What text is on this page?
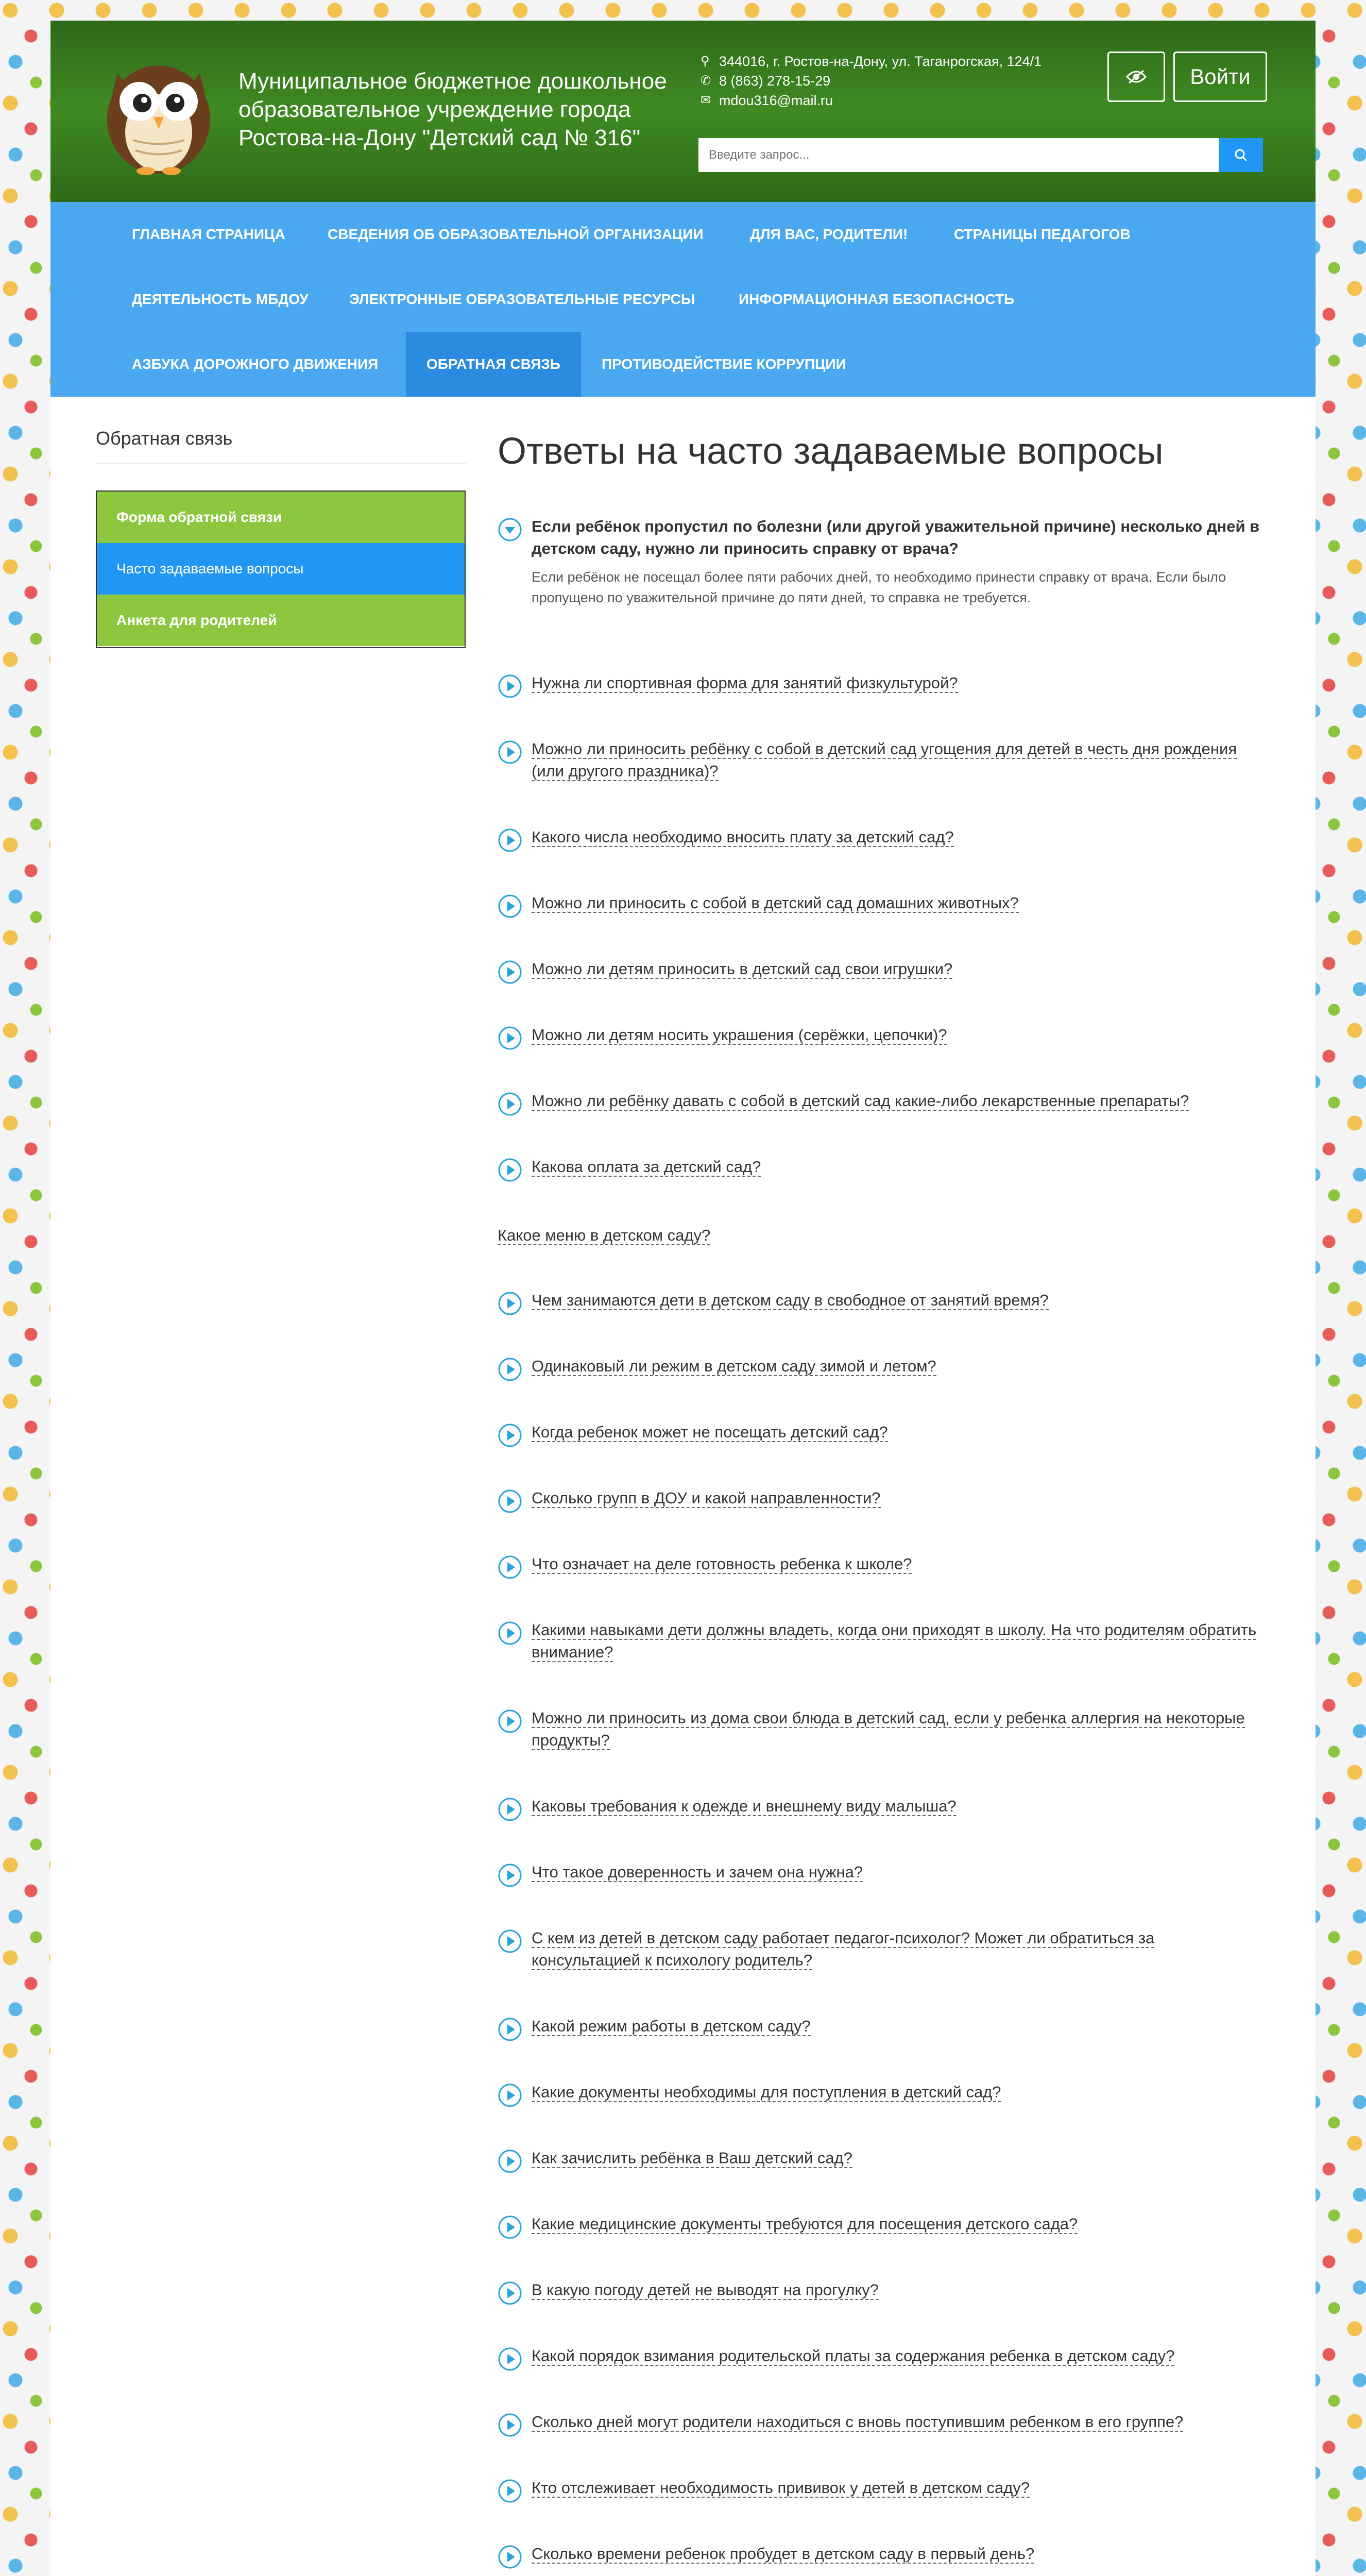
Муниципальное бюджетное дошкольное образовательное учреждение города Ростова-на-Дону "Детский сад № 316"
⚲ 344016, г. Ростов-на-Дону, ул. Таганрогская, 124/1
✆ 8 (863) 278-15-29
✉ mdou316@mail.ru
Войти
Введите запрос...
ГЛАВНАЯ СТРАНИЦА	СВЕДЕНИЯ ОБ ОБРАЗОВАТЕЛЬНОЙ ОРГАНИЗАЦИИ	ДЛЯ ВАС, РОДИТЕЛИ!	СТРАНИЦЫ ПЕДАГОГОВ
ДЕЯТЕЛЬНОСТЬ МБДОУ	ЭЛЕКТРОННЫЕ ОБРАЗОВАТЕЛЬНЫЕ РЕСУРСЫ	ИНФОРМАЦИОННАЯ БЕЗОПАСНОСТЬ
АЗБУКА ДОРОЖНОГО ДВИЖЕНИЯ	ОБРАТНАЯ СВЯЗЬ	ПРОТИВОДЕЙСТВИЕ КОРРУПЦИИ
Обратная связь
Форма обратной связи
Часто задаваемые вопросы
Анкета для родителей
Ответы на часто задаваемые вопросы
Если ребёнок пропустил по болезни (или другой уважительной причине) несколько дней в детском саду, нужно ли приносить справку от врача?
Если ребёнок не посещал более пяти рабочих дней, то необходимо принести справку от врача. Если было пропущено по уважительной причине до пяти дней, то справка не требуется.
Нужна ли спортивная форма для занятий физкультурой?
Можно ли приносить ребёнку с собой в детский сад угощения для детей в честь дня рождения (или другого праздника)?
Какого числа необходимо вносить плату за детский сад?
Можно ли приносить с собой в детский сад домашних животных?
Можно ли детям приносить в детский сад свои игрушки?
Можно ли детям носить украшения (серёжки, цепочки)?
Можно ли ребёнку давать с собой в детский сад какие-либо лекарственные препараты?
Какова оплата за детский сад?
Какое меню в детском саду?
Чем занимаются дети в детском саду в свободное от занятий время?
Одинаковый ли режим в детском саду зимой и летом?
Когда ребенок может не посещать детский сад?
Сколько групп в ДОУ и какой направленности?
Что означает на деле готовность ребенка к школе?
Какими навыками дети должны владеть, когда они приходят в школу. На что родителям обратить внимание?
Можно ли приносить из дома свои блюда в детский сад, если у ребенка аллергия на некоторые продукты?
Каковы требования к одежде и внешнему виду малыша?
Что такое доверенность и зачем она нужна?
С кем из детей в детском саду работает педагог-психолог? Может ли обратиться за консультацией к психологу родитель?
Какой режим работы в детском саду?
Какие документы необходимы для поступления в детский сад?
Как зачислить ребёнка в Ваш детский сад?
Какие медицинские документы требуются для посещения детского сада?
В какую погоду детей не выводят на прогулку?
Какой порядок взимания родительской платы за содержания ребенка в детском саду?
Сколько дней могут родители находиться с вновь поступившим ребенком в его группе?
Кто отслеживает необходимость прививок у детей в детском саду?
Сколько времени ребенок пробудет в детском саду в первый день?
